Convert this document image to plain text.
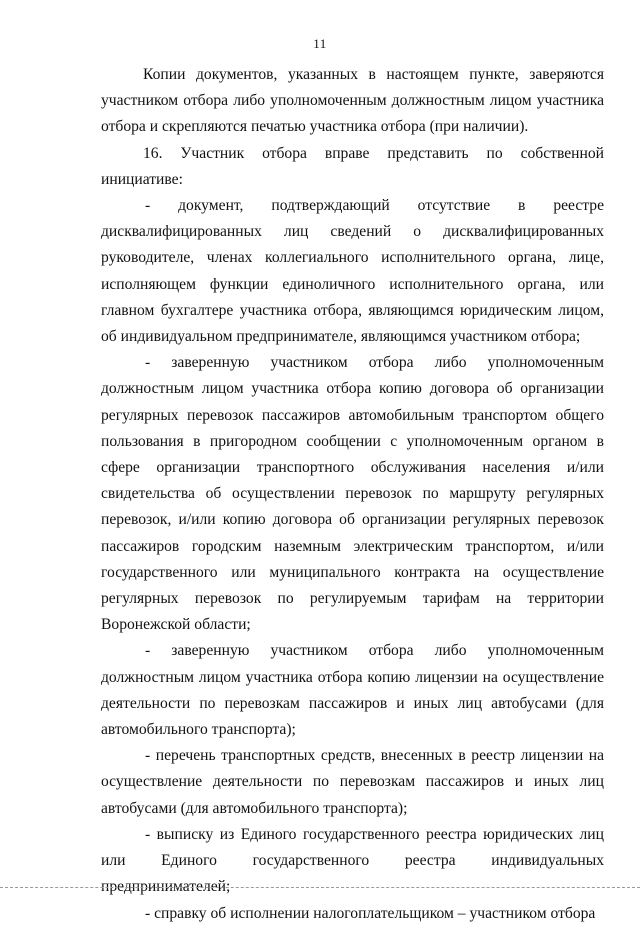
11

Копии документов, указанных в настоящем пункте, заверяются участником отбора либо уполномоченным должностным лицом участника отбора и скрепляются печатью участника отбора (при наличии).

16. Участник отбора вправе представить по собственной инициативе:

- документ, подтверждающий отсутствие в реестре дисквалифицированных лиц сведений о дисквалифицированных руководителе, членах коллегиального исполнительного органа, лице, исполняющем функции единоличного исполнительного органа, или главном бухгалтере участника отбора, являющимся юридическим лицом, об индивидуальном предпринимателе, являющимся участником отбора;

- заверенную участником отбора либо уполномоченным должностным лицом участника отбора копию договора об организации регулярных перевозок пассажиров автомобильным транспортом общего пользования в пригородном сообщении с уполномоченным органом в сфере организации транспортного обслуживания населения и/или свидетельства об осуществлении перевозок по маршруту регулярных перевозок, и/или копию договора об организации регулярных перевозок пассажиров городским наземным электрическим транспортом, и/или государственного или муниципального контракта на осуществление регулярных перевозок по регулируемым тарифам на территории Воронежской области;

- заверенную участником отбора либо уполномоченным должностным лицом участника отбора копию лицензии на осуществление деятельности по перевозкам пассажиров и иных лиц автобусами (для автомобильного транспорта);

- перечень транспортных средств, внесенных в реестр лицензии на осуществление деятельности по перевозкам пассажиров и иных лиц автобусами (для автомобильного транспорта);

- выписку из Единого государственного реестра юридических лиц или Единого государственного реестра индивидуальных предпринимателей;

- справку об исполнении налогоплательщиком – участником отбора
